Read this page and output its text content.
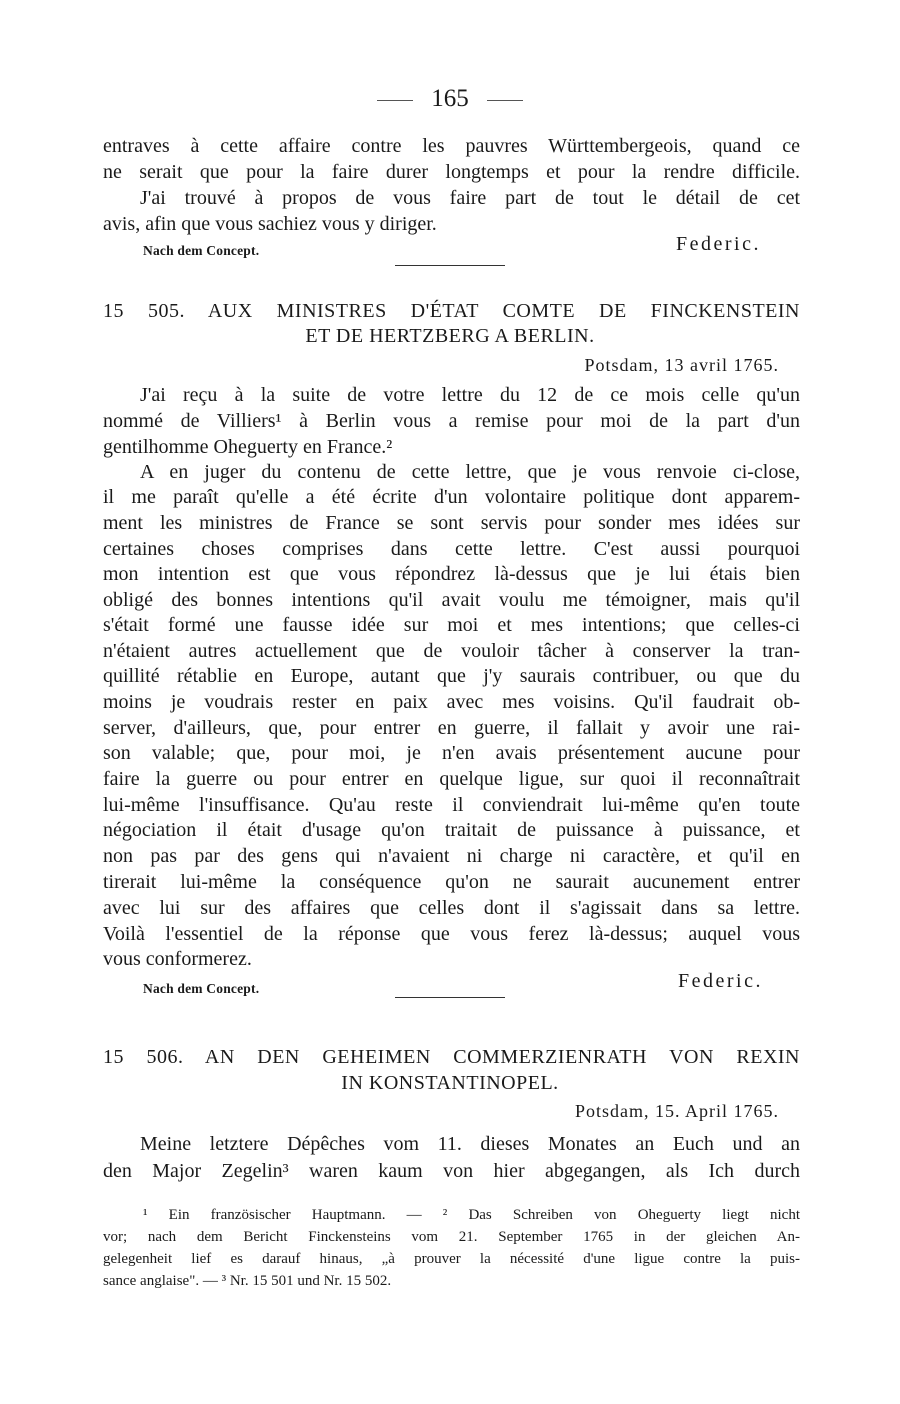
165
entraves à cette affaire contre les pauvres Württembergeois, quand ce
ne serait que pour la faire durer longtemps et pour la rendre difficile.
J'ai trouvé à propos de vous faire part de tout le détail de cet
avis, afin que vous sachiez vous y diriger.
Nach dem Concept.	Federic.
15 505. AUX MINISTRES D'ÉTAT COMTE DE FINCKENSTEIN
ET DE HERTZBERG A BERLIN.
Potsdam, 13 avril 1765.
J'ai reçu à la suite de votre lettre du 12 de ce mois celle qu'un
nommé de Villiers¹ à Berlin vous a remise pour moi de la part d'un
gentilhomme Oheguerty en France.²
A en juger du contenu de cette lettre, que je vous renvoie ci-close,
il me paraît qu'elle a été écrite d'un volontaire politique dont apparem-
ment les ministres de France se sont servis pour sonder mes idées sur
certaines choses comprises dans cette lettre. C'est aussi pourquoi
mon intention est que vous répondrez là-dessus que je lui étais bien
obligé des bonnes intentions qu'il avait voulu me témoigner, mais qu'il
s'était formé une fausse idée sur moi et mes intentions; que celles-ci
n'étaient autres actuellement que de vouloir tâcher à conserver la tran-
quillité rétablie en Europe, autant que j'y saurais contribuer, ou que du
moins je voudrais rester en paix avec mes voisins. Qu'il faudrait ob-
server, d'ailleurs, que, pour entrer en guerre, il fallait y avoir une rai-
son valable; que, pour moi, je n'en avais présentement aucune pour
faire la guerre ou pour entrer en quelque ligue, sur quoi il reconnaîtrait
lui-même l'insuffisance. Qu'au reste il conviendrait lui-même qu'en toute
négociation il était d'usage qu'on traitait de puissance à puissance, et
non pas par des gens qui n'avaient ni charge ni caractère, et qu'il en
tirerait lui-même la conséquence qu'on ne saurait aucunement entrer
avec lui sur des affaires que celles dont il s'agissait dans sa lettre.
Voilà l'essentiel de la réponse que vous ferez là-dessus; auquel vous
vous conformerez.
Nach dem Concept.	Federic.
15 506. AN DEN GEHEIMEN COMMERZIENRATH VON REXIN
IN KONSTANTINOPEL.
Potsdam, 15. April 1765.
Meine letztere Dépêches vom 11. dieses Monates an Euch und an
den Major Zegelin³ waren kaum von hier abgegangen, als Ich durch
¹ Ein französischer Hauptmann. — ² Das Schreiben von Oheguerty liegt nicht
vor; nach dem Bericht Finckensteins vom 21. September 1765 in der gleichen An-
gelegenheit lief es darauf hinaus, „à prouver la nécessité d'une ligue contre la puis-
sance anglaise". — ³ Nr. 15 501 und Nr. 15 502.
